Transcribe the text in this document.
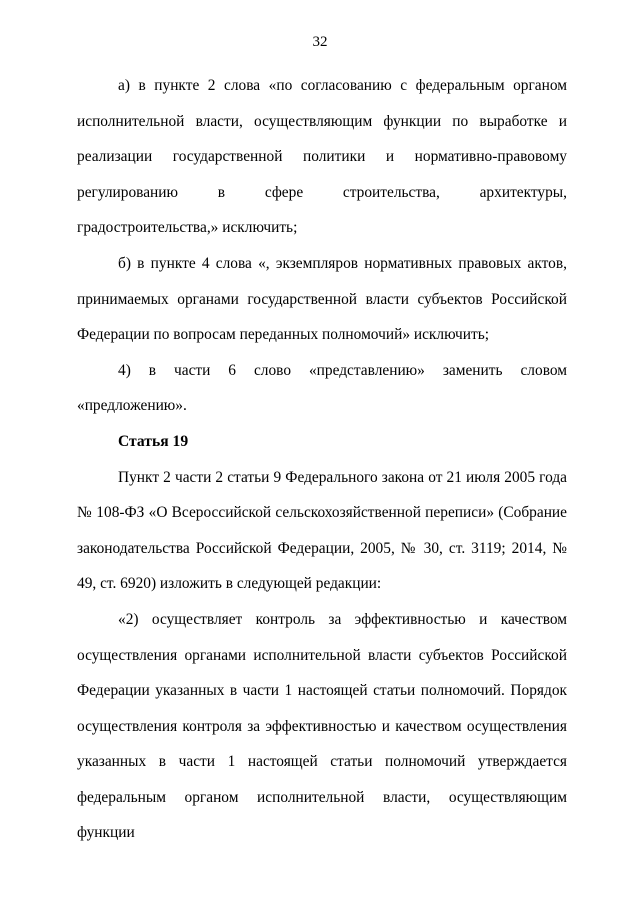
32

а) в пункте 2 слова «по согласованию с федеральным органом исполнительной власти, осуществляющим функции по выработке и реализации государственной политики и нормативно-правовому регулированию в сфере строительства, архитектуры, градостроительства,» исключить;

б) в пункте 4 слова «, экземпляров нормативных правовых актов, принимаемых органами государственной власти субъектов Российской Федерации по вопросам переданных полномочий» исключить;

4) в части 6 слово «представлению» заменить словом «предложению».

Статья 19

Пункт 2 части 2 статьи 9 Федерального закона от 21 июля 2005 года № 108-ФЗ «О Всероссийской сельскохозяйственной переписи» (Собрание законодательства Российской Федерации, 2005, № 30, ст. 3119; 2014, № 49, ст. 6920) изложить в следующей редакции:

«2) осуществляет контроль за эффективностью и качеством осуществления органами исполнительной власти субъектов Российской Федерации указанных в части 1 настоящей статьи полномочий. Порядок осуществления контроля за эффективностью и качеством осуществления указанных в части 1 настоящей статьи полномочий утверждается федеральным органом исполнительной власти, осуществляющим функции
